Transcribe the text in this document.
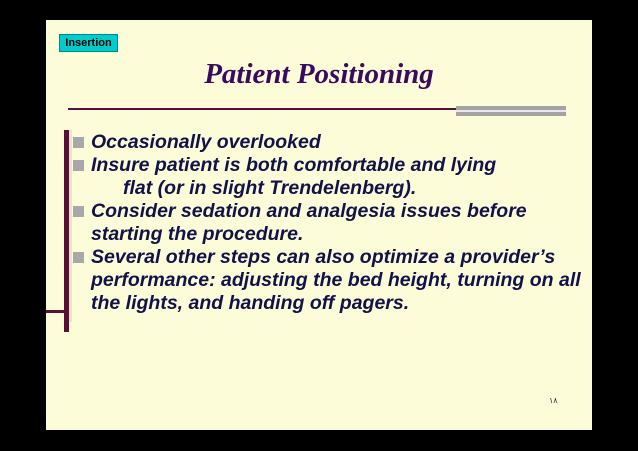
Insertion
Patient Positioning
Occasionally overlooked
Insure patient is both comfortable and lying
flat (or in slight Trendelenberg).
Consider sedation and analgesia issues before starting the procedure.
Several other steps can also optimize a provider’s performance: adjusting the bed height, turning on all the lights, and handing off pagers.
١٨
